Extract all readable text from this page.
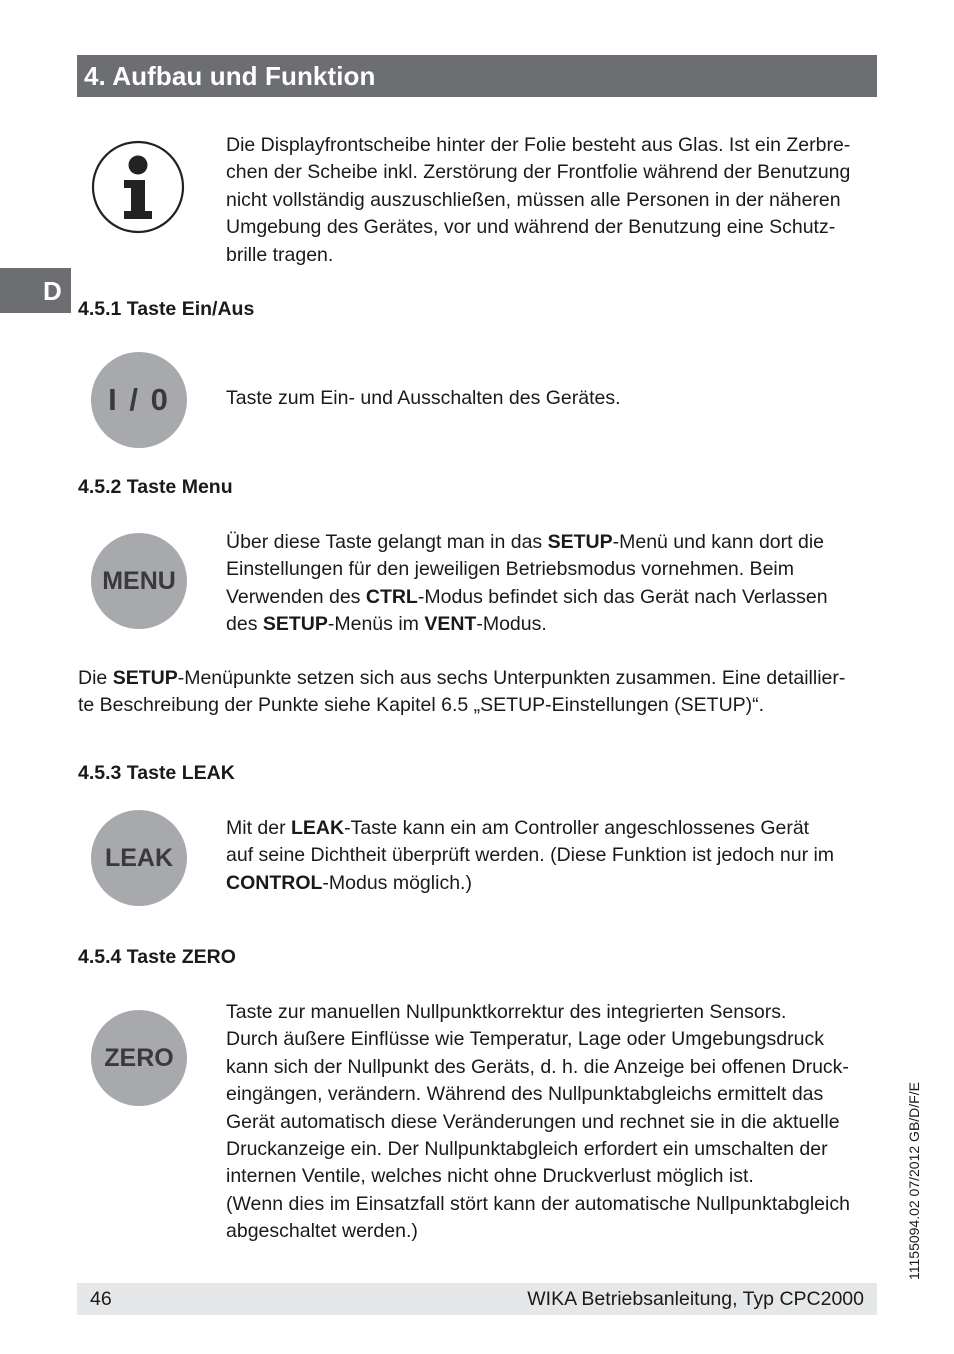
4. Aufbau und Funktion
D
Die Displayfrontscheibe hinter der Folie besteht aus Glas. Ist ein Zerbre-
chen der Scheibe inkl. Zerstörung der Frontfolie während der Benutzung
nicht vollständig auszuschließen, müssen alle Personen in der näheren
Umgebung des Gerätes, vor und während der Benutzung eine Schutz-
brille tragen.
4.5.1 Taste Ein/Aus
I / 0	Taste zum Ein- und Ausschalten des Gerätes.
4.5.2 Taste Menu
MENU
Über diese Taste gelangt man in das SETUP-Menü und kann dort die
Einstellungen für den jeweiligen Betriebsmodus vornehmen. Beim
Verwenden des CTRL-Modus befindet sich das Gerät nach Verlassen
des SETUP-Menüs im VENT-Modus.
Die SETUP-Menüpunkte setzen sich aus sechs Unterpunkten zusammen. Eine detaillier-
te Beschreibung der Punkte siehe Kapitel 6.5 „SETUP-Einstellungen (SETUP)“.
4.5.3 Taste LEAK
LEAK
Mit der LEAK-Taste kann ein am Controller angeschlossenes Gerät
auf seine Dichtheit überprüft werden. (Diese Funktion ist jedoch nur im
CONTROL-Modus möglich.)
4.5.4 Taste ZERO
ZERO
Taste zur manuellen Nullpunktkorrektur des integrierten Sensors.
Durch äußere Einflüsse wie Temperatur, Lage oder Umgebungsdruck
kann sich der Nullpunkt des Geräts, d. h. die Anzeige bei offenen Druck-
eingängen, verändern. Während des Nullpunktabgleichs ermittelt das
Gerät automatisch diese Veränderungen und rechnet sie in die aktuelle
Druckanzeige ein. Der Nullpunktabgleich erfordert ein umschalten der
internen Ventile, welches nicht ohne Druckverlust möglich ist.
(Wenn dies im Einsatzfall stört kann der automatische Nullpunktabgleich
abgeschaltet werden.)	11155094.02 07/2012 GB/D/F/E
46	WIKA Betriebsanleitung, Typ CPC2000
